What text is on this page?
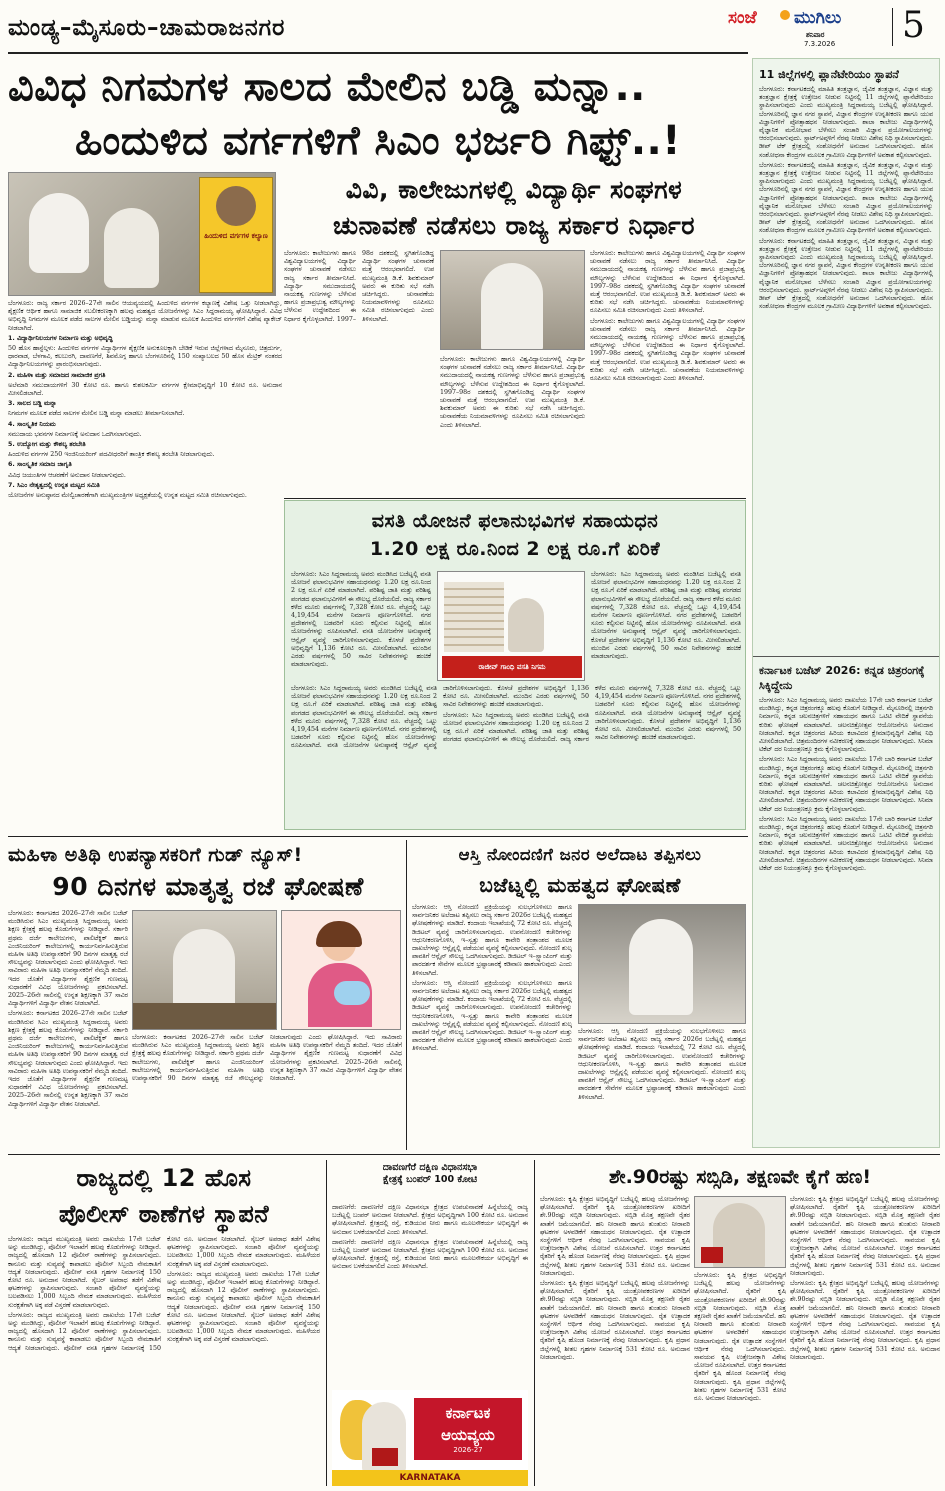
ಮಂಡ್ಯ–ಮೈಸೂರು–ಚಾಮರಾಜನಗರ	ಸಂಜೆ ಮುಗಿಲು
ಶನಿವಾರ
7.3.2026 5
ವಿವಿಧ ನಿಗಮಗಳ ಸಾಲದ ಮೇಲಿನ ಬಡ್ಡಿ ಮನ್ನಾ..
ಹಿಂದುಳಿದ ವರ್ಗಗಳಿಗೆ ಸಿಎಂ ಭರ್ಜರಿ ಗಿಫ್ಟ್..!
ಹಿಂದುಳಿದ ವರ್ಗಗಳ ಕಲ್ಯಾಣ

ಬೆಂಗಳೂರು: ರಾಜ್ಯ ಸರ್ಕಾರ 2026–27ನೇ ಸಾಲಿನ ಆಯವ್ಯಯದಲ್ಲಿ ಹಿಂದುಳಿದ ವರ್ಗಗಳ ಕಲ್ಯಾಣಕ್ಕೆ ವಿಶೇಷ ಒತ್ತು ನೀಡಲಾಗಿದ್ದು, ಶೈಕ್ಷಣಿಕ ಆರ್ಥಿಕ ಹಾಗೂ ಸಾಮಾಜಿಕ ಸಬಲೀಕರಣಕ್ಕಾಗಿ ಹಲವು ಮಹತ್ವದ ಯೋಜನೆಗಳನ್ನು ಸಿಎಂ ಸಿದ್ದರಾಮಯ್ಯ ಘೋಷಿಸಿದ್ದಾರೆ. ವಿವಿಧ ಅಭಿವೃದ್ಧಿ ನಿಗಮಗಳ ಮೂಲಕ ಪಡೆದ ಸಾಲಗಳ ಮೇಲಿನ ಬಡ್ಡಿಯನ್ನು ಮನ್ನಾ ಮಾಡುವ ಮೂಲಕ ಹಿಂದುಳಿದ ವರ್ಗಗಳಿಗೆ ವಿಶೇಷ ಪ್ಯಾಕೇಜ್ ನೀಡಲಾಗಿದೆ.

1. ವಿದ್ಯಾರ್ಥಿನಿಲಯಗಳ ನಿರ್ಮಾಣ ಮತ್ತು ಅಭಿವೃದ್ಧಿ

50 ಹೊಸ ಹಾಸ್ಟೆಲ್ಗಳು: ಹಿಂದುಳಿದ ವರ್ಗಗಳ ವಿದ್ಯಾರ್ಥಿಗಳ ಶೈಕ್ಷಣಿಕ ಅನುಕೂಲಕ್ಕಾಗಿ ಬೇಡಿಕೆ ಇರುವ ಜಿಲ್ಲೆಗಳಾದ ಮೈಸೂರು, ಚಿತ್ರದುರ್ಗ, ಧಾರವಾಡ, ಬೆಳಗಾವಿ, ಕಲಬುರಗಿ, ದಾವಣಗೆರೆ, ಶಿವಮೊಗ್ಗ ಹಾಗೂ ಬೆಂಗಳೂರಿನಲ್ಲಿ 150 ಸಂಖ್ಯಾಬಲದ 50 ಹೊಸ ಮೆಟ್ರಿಕ್ ನಂತರದ ವಿದ್ಯಾರ್ಥಿನಿಲಯಗಳನ್ನು ಪ್ರಾರಂಭಿಸಲಾಗುವುದು.

2. ಮಹಿಳಾ ಮತ್ತು ಸಮಾಜದ ಸಾಮಾಜಿಕ ಪ್ರಗತಿ

ಅಲೆಮಾರಿ ಸಮುದಾಯಗಳಿಗೆ 30 ಕೋಟಿ ರೂ. ಹಾಗೂ ಕುಶಲಕರ್ಮಿ ವರ್ಗಗಳ ಕ್ಷೇಮಾಭಿವೃದ್ಧಿಗೆ 10 ಕೋಟಿ ರೂ. ಅನುದಾನ ಮೀಸಲಿಡಲಾಗಿದೆ.

3. ಸಾಲದ ಬಡ್ಡಿ ಮನ್ನಾ

ನಿಗಮಗಳ ಮೂಲಕ ಪಡೆದ ಸಾಲಗಳ ಮೇಲಿನ ಬಡ್ಡಿ ಮನ್ನಾ ಮಾಡಲು ತೀರ್ಮಾನಿಸಲಾಗಿದೆ.

4. ಸಾಂಸ್ಕೃತಿಕ ನಿಯಮ

ಸಮುದಾಯ ಭವನಗಳ ನಿರ್ಮಾಣಕ್ಕೆ ಅನುದಾನ ಒದಗಿಸಲಾಗುವುದು.

5. ಉದ್ಯೋಗ ಮತ್ತು ಕೌಶಲ್ಯ ತರಬೇತಿ

ಹಿಂದುಳಿದ ವರ್ಗಗಳ 250 ಇಂಜಿನಿಯರಿಂಗ್ ಪದವೀಧರರಿಗೆ ತಾಂತ್ರಿಕ ಕೌಶಲ್ಯ ತರಬೇತಿ ನೀಡಲಾಗುವುದು.

6. ಸಾಂಸ್ಕೃತಿಕ ಸಮಾಜ ಜಾಗೃತಿ

ವಿವಿಧ ಜಯಂತಿಗಳ ಆಚರಣೆಗೆ ಅನುದಾನ ನೀಡಲಾಗುವುದು.

7. ಸಿಎಂ ನೇತೃತ್ವದಲ್ಲಿ ಉನ್ನತ ಮಟ್ಟದ ಸಮಿತಿ

ಯೋಜನೆಗಳ ಅನುಷ್ಠಾನದ ಮೇಲ್ವಿಚಾರಣೆಗಾಗಿ ಮುಖ್ಯಮಂತ್ರಿಗಳ ಅಧ್ಯಕ್ಷತೆಯಲ್ಲಿ ಉನ್ನತ ಮಟ್ಟದ ಸಮಿತಿ ರಚಿಸಲಾಗುವುದು.

ವಿವಿ, ಕಾಲೇಜುಗಳಲ್ಲಿ ವಿದ್ಯಾರ್ಥಿ ಸಂಘಗಳ
ಚುನಾವಣೆ ನಡೆಸಲು ರಾಜ್ಯ ಸರ್ಕಾರ ನಿರ್ಧಾರ

ಬೆಂಗಳೂರು: ಕಾಲೇಜುಗಳು ಹಾಗೂ ವಿಶ್ವವಿದ್ಯಾಲಯಗಳಲ್ಲಿ ವಿದ್ಯಾರ್ಥಿ ಸಂಘಗಳ ಚುನಾವಣೆ ನಡೆಸಲು ರಾಜ್ಯ ಸರ್ಕಾರ ತೀರ್ಮಾನಿಸಿದೆ. ವಿದ್ಯಾರ್ಥಿ ಸಮುದಾಯದಲ್ಲಿ ನಾಯಕತ್ವ ಗುಣಗಳನ್ನು ಬೆಳೆಸುವ ಹಾಗೂ ಪ್ರಜಾಪ್ರಭುತ್ವ ಮೌಲ್ಯಗಳನ್ನು ಬೆಳೆಸುವ ಉದ್ದೇಶದಿಂದ ಈ ನಿರ್ಧಾರ ಕೈಗೊಳ್ಳಲಾಗಿದೆ. 1997–98ರ ದಶಕದಲ್ಲಿ ಸ್ಥಗಿತಗೊಂಡಿದ್ದ ವಿದ್ಯಾರ್ಥಿ ಸಂಘಗಳ ಚುನಾವಣೆ ಮತ್ತೆ ಆರಂಭವಾಗಲಿದೆ. ಉಪ ಮುಖ್ಯಮಂತ್ರಿ ಡಿ.ಕೆ. ಶಿವಕುಮಾರ್ ಅವರು ಈ ಕುರಿತು ಸಭೆ ನಡೆಸಿ ಚರ್ಚಿಸಿದ್ದರು. ಚುನಾವಣೆಯ ನಿಯಮಾವಳಿಗಳನ್ನು ರೂಪಿಸಲು ಸಮಿತಿ ರಚಿಸಲಾಗುವುದು ಎಂದು ತಿಳಿಸಲಾಗಿದೆ.

ಬೆಂಗಳೂರು: ಕಾಲೇಜುಗಳು ಹಾಗೂ ವಿಶ್ವವಿದ್ಯಾಲಯಗಳಲ್ಲಿ ವಿದ್ಯಾರ್ಥಿ ಸಂಘಗಳ ಚುನಾವಣೆ ನಡೆಸಲು ರಾಜ್ಯ ಸರ್ಕಾರ ತೀರ್ಮಾನಿಸಿದೆ. ವಿದ್ಯಾರ್ಥಿ ಸಮುದಾಯದಲ್ಲಿ ನಾಯಕತ್ವ ಗುಣಗಳನ್ನು ಬೆಳೆಸುವ ಹಾಗೂ ಪ್ರಜಾಪ್ರಭುತ್ವ ಮೌಲ್ಯಗಳನ್ನು ಬೆಳೆಸುವ ಉದ್ದೇಶದಿಂದ ಈ ನಿರ್ಧಾರ ಕೈಗೊಳ್ಳಲಾಗಿದೆ. 1997–98ರ ದಶಕದಲ್ಲಿ ಸ್ಥಗಿತಗೊಂಡಿದ್ದ ವಿದ್ಯಾರ್ಥಿ ಸಂಘಗಳ ಚುನಾವಣೆ ಮತ್ತೆ ಆರಂಭವಾಗಲಿದೆ. ಉಪ ಮುಖ್ಯಮಂತ್ರಿ ಡಿ.ಕೆ. ಶಿವಕುಮಾರ್ ಅವರು ಈ ಕುರಿತು ಸಭೆ ನಡೆಸಿ ಚರ್ಚಿಸಿದ್ದರು. ಚುನಾವಣೆಯ ನಿಯಮಾವಳಿಗಳನ್ನು ರೂಪಿಸಲು ಸಮಿತಿ ರಚಿಸಲಾಗುವುದು ಎಂದು ತಿಳಿಸಲಾಗಿದೆ.

ಬೆಂಗಳೂರು: ಕಾಲೇಜುಗಳು ಹಾಗೂ ವಿಶ್ವವಿದ್ಯಾಲಯಗಳಲ್ಲಿ ವಿದ್ಯಾರ್ಥಿ ಸಂಘಗಳ ಚುನಾವಣೆ ನಡೆಸಲು ರಾಜ್ಯ ಸರ್ಕಾರ ತೀರ್ಮಾನಿಸಿದೆ. ವಿದ್ಯಾರ್ಥಿ ಸಮುದಾಯದಲ್ಲಿ ನಾಯಕತ್ವ ಗುಣಗಳನ್ನು ಬೆಳೆಸುವ ಹಾಗೂ ಪ್ರಜಾಪ್ರಭುತ್ವ ಮೌಲ್ಯಗಳನ್ನು ಬೆಳೆಸುವ ಉದ್ದೇಶದಿಂದ ಈ ನಿರ್ಧಾರ ಕೈಗೊಳ್ಳಲಾಗಿದೆ. 1997–98ರ ದಶಕದಲ್ಲಿ ಸ್ಥಗಿತಗೊಂಡಿದ್ದ ವಿದ್ಯಾರ್ಥಿ ಸಂಘಗಳ ಚುನಾವಣೆ ಮತ್ತೆ ಆರಂಭವಾಗಲಿದೆ. ಉಪ ಮುಖ್ಯಮಂತ್ರಿ ಡಿ.ಕೆ. ಶಿವಕುಮಾರ್ ಅವರು ಈ ಕುರಿತು ಸಭೆ ನಡೆಸಿ ಚರ್ಚಿಸಿದ್ದರು. ಚುನಾವಣೆಯ ನಿಯಮಾವಳಿಗಳನ್ನು ರೂಪಿಸಲು ಸಮಿತಿ ರಚಿಸಲಾಗುವುದು ಎಂದು ತಿಳಿಸಲಾಗಿದೆ.

ಬೆಂಗಳೂರು: ಕಾಲೇಜುಗಳು ಹಾಗೂ ವಿಶ್ವವಿದ್ಯಾಲಯಗಳಲ್ಲಿ ವಿದ್ಯಾರ್ಥಿ ಸಂಘಗಳ ಚುನಾವಣೆ ನಡೆಸಲು ರಾಜ್ಯ ಸರ್ಕಾರ ತೀರ್ಮಾನಿಸಿದೆ. ವಿದ್ಯಾರ್ಥಿ ಸಮುದಾಯದಲ್ಲಿ ನಾಯಕತ್ವ ಗುಣಗಳನ್ನು ಬೆಳೆಸುವ ಹಾಗೂ ಪ್ರಜಾಪ್ರಭುತ್ವ ಮೌಲ್ಯಗಳನ್ನು ಬೆಳೆಸುವ ಉದ್ದೇಶದಿಂದ ಈ ನಿರ್ಧಾರ ಕೈಗೊಳ್ಳಲಾಗಿದೆ. 1997–98ರ ದಶಕದಲ್ಲಿ ಸ್ಥಗಿತಗೊಂಡಿದ್ದ ವಿದ್ಯಾರ್ಥಿ ಸಂಘಗಳ ಚುನಾವಣೆ ಮತ್ತೆ ಆರಂಭವಾಗಲಿದೆ. ಉಪ ಮುಖ್ಯಮಂತ್ರಿ ಡಿ.ಕೆ. ಶಿವಕುಮಾರ್ ಅವರು ಈ ಕುರಿತು ಸಭೆ ನಡೆಸಿ ಚರ್ಚಿಸಿದ್ದರು. ಚುನಾವಣೆಯ ನಿಯಮಾವಳಿಗಳನ್ನು ರೂಪಿಸಲು ಸಮಿತಿ ರಚಿಸಲಾಗುವುದು ಎಂದು ತಿಳಿಸಲಾಗಿದೆ.

ವಸತಿ ಯೋಜನೆ ಫಲಾನುಭವಿಗಳ ಸಹಾಯಧನ
1.20 ಲಕ್ಷ ರೂ.ನಿಂದ 2 ಲಕ್ಷ ರೂ.ಗೆ ಏರಿಕೆ

ಬೆಂಗಳೂರು: ಸಿಎಂ ಸಿದ್ದರಾಮಯ್ಯ ಅವರು ಮಂಡಿಸಿದ ಬಜೆಟ್ನಲ್ಲಿ ವಸತಿ ಯೋಜನೆ ಫಲಾನುಭವಿಗಳ ಸಹಾಯಧನವನ್ನು 1.20 ಲಕ್ಷ ರೂ.ನಿಂದ 2 ಲಕ್ಷ ರೂ.ಗೆ ಏರಿಕೆ ಮಾಡಲಾಗಿದೆ. ಪರಿಶಿಷ್ಟ ಜಾತಿ ಮತ್ತು ಪರಿಶಿಷ್ಟ ಪಂಗಡದ ಫಲಾನುಭವಿಗಳಿಗೆ ಈ ಸೌಲಭ್ಯ ದೊರೆಯಲಿದೆ. ರಾಜ್ಯ ಸರ್ಕಾರ ಕಳೆದ ಮೂರು ವರ್ಷಗಳಲ್ಲಿ 7,328 ಕೋಟಿ ರೂ. ವೆಚ್ಚದಲ್ಲಿ ಒಟ್ಟು 4,19,454 ಮನೆಗಳ ನಿರ್ಮಾಣ ಪೂರ್ಣಗೊಳಿಸಿದೆ. ನಗರ ಪ್ರದೇಶಗಳಲ್ಲಿ ಬಡವರಿಗೆ ಸೂರು ಕಲ್ಪಿಸುವ ನಿಟ್ಟಿನಲ್ಲಿ ಹೊಸ ಯೋಜನೆಗಳನ್ನು ರೂಪಿಸಲಾಗಿದೆ. ವಸತಿ ಯೋಜನೆಗಳ ಅನುಷ್ಠಾನಕ್ಕೆ ಆನ್ಲೈನ್ ವ್ಯವಸ್ಥೆ ಜಾರಿಗೊಳಿಸಲಾಗುವುದು. ಕೊಳಚೆ ಪ್ರದೇಶಗಳ ಅಭಿವೃದ್ಧಿಗೆ 1,136 ಕೋಟಿ ರೂ. ಮೀಸಲಿಡಲಾಗಿದೆ. ಮುಂದಿನ ಎರಡು ವರ್ಷಗಳಲ್ಲಿ 50 ಸಾವಿರ ನಿವೇಶನಗಳನ್ನು ಹಂಚಿಕೆ ಮಾಡಲಾಗುವುದು.	ರಾಜೀವ್ ಗಾಂಧಿ ವಸತಿ ನಿಗಮ

ಬೆಂಗಳೂರು: ಸಿಎಂ ಸಿದ್ದರಾಮಯ್ಯ ಅವರು ಮಂಡಿಸಿದ ಬಜೆಟ್ನಲ್ಲಿ ವಸತಿ ಯೋಜನೆ ಫಲಾನುಭವಿಗಳ ಸಹಾಯಧನವನ್ನು 1.20 ಲಕ್ಷ ರೂ.ನಿಂದ 2 ಲಕ್ಷ ರೂ.ಗೆ ಏರಿಕೆ ಮಾಡಲಾಗಿದೆ. ಪರಿಶಿಷ್ಟ ಜಾತಿ ಮತ್ತು ಪರಿಶಿಷ್ಟ ಪಂಗಡದ ಫಲಾನುಭವಿಗಳಿಗೆ ಈ ಸೌಲಭ್ಯ ದೊರೆಯಲಿದೆ. ರಾಜ್ಯ ಸರ್ಕಾರ ಕಳೆದ ಮೂರು ವರ್ಷಗಳಲ್ಲಿ 7,328 ಕೋಟಿ ರೂ. ವೆಚ್ಚದಲ್ಲಿ ಒಟ್ಟು 4,19,454 ಮನೆಗಳ ನಿರ್ಮಾಣ ಪೂರ್ಣಗೊಳಿಸಿದೆ. ನಗರ ಪ್ರದೇಶಗಳಲ್ಲಿ ಬಡವರಿಗೆ ಸೂರು ಕಲ್ಪಿಸುವ ನಿಟ್ಟಿನಲ್ಲಿ ಹೊಸ ಯೋಜನೆಗಳನ್ನು ರೂಪಿಸಲಾಗಿದೆ. ವಸತಿ ಯೋಜನೆಗಳ ಅನುಷ್ಠಾನಕ್ಕೆ ಆನ್ಲೈನ್ ವ್ಯವಸ್ಥೆ ಜಾರಿಗೊಳಿಸಲಾಗುವುದು. ಕೊಳಚೆ ಪ್ರದೇಶಗಳ ಅಭಿವೃದ್ಧಿಗೆ 1,136 ಕೋಟಿ ರೂ. ಮೀಸಲಿಡಲಾಗಿದೆ. ಮುಂದಿನ ಎರಡು ವರ್ಷಗಳಲ್ಲಿ 50 ಸಾವಿರ ನಿವೇಶನಗಳನ್ನು ಹಂಚಿಕೆ ಮಾಡಲಾಗುವುದು.

ಬೆಂಗಳೂರು: ಸಿಎಂ ಸಿದ್ದರಾಮಯ್ಯ ಅವರು ಮಂಡಿಸಿದ ಬಜೆಟ್ನಲ್ಲಿ ವಸತಿ ಯೋಜನೆ ಫಲಾನುಭವಿಗಳ ಸಹಾಯಧನವನ್ನು 1.20 ಲಕ್ಷ ರೂ.ನಿಂದ 2 ಲಕ್ಷ ರೂ.ಗೆ ಏರಿಕೆ ಮಾಡಲಾಗಿದೆ. ಪರಿಶಿಷ್ಟ ಜಾತಿ ಮತ್ತು ಪರಿಶಿಷ್ಟ ಪಂಗಡದ ಫಲಾನುಭವಿಗಳಿಗೆ ಈ ಸೌಲಭ್ಯ ದೊರೆಯಲಿದೆ. ರಾಜ್ಯ ಸರ್ಕಾರ ಕಳೆದ ಮೂರು ವರ್ಷಗಳಲ್ಲಿ 7,328 ಕೋಟಿ ರೂ. ವೆಚ್ಚದಲ್ಲಿ ಒಟ್ಟು 4,19,454 ಮನೆಗಳ ನಿರ್ಮಾಣ ಪೂರ್ಣಗೊಳಿಸಿದೆ. ನಗರ ಪ್ರದೇಶಗಳಲ್ಲಿ ಬಡವರಿಗೆ ಸೂರು ಕಲ್ಪಿಸುವ ನಿಟ್ಟಿನಲ್ಲಿ ಹೊಸ ಯೋಜನೆಗಳನ್ನು ರೂಪಿಸಲಾಗಿದೆ. ವಸತಿ ಯೋಜನೆಗಳ ಅನುಷ್ಠಾನಕ್ಕೆ ಆನ್ಲೈನ್ ವ್ಯವಸ್ಥೆ ಜಾರಿಗೊಳಿಸಲಾಗುವುದು. ಕೊಳಚೆ ಪ್ರದೇಶಗಳ ಅಭಿವೃದ್ಧಿಗೆ 1,136 ಕೋಟಿ ರೂ. ಮೀಸಲಿಡಲಾಗಿದೆ. ಮುಂದಿನ ಎರಡು ವರ್ಷಗಳಲ್ಲಿ 50 ಸಾವಿರ ನಿವೇಶನಗಳನ್ನು ಹಂಚಿಕೆ ಮಾಡಲಾಗುವುದು.

ಬೆಂಗಳೂರು: ಸಿಎಂ ಸಿದ್ದರಾಮಯ್ಯ ಅವರು ಮಂಡಿಸಿದ ಬಜೆಟ್ನಲ್ಲಿ ವಸತಿ ಯೋಜನೆ ಫಲಾನುಭವಿಗಳ ಸಹಾಯಧನವನ್ನು 1.20 ಲಕ್ಷ ರೂ.ನಿಂದ 2 ಲಕ್ಷ ರೂ.ಗೆ ಏರಿಕೆ ಮಾಡಲಾಗಿದೆ. ಪರಿಶಿಷ್ಟ ಜಾತಿ ಮತ್ತು ಪರಿಶಿಷ್ಟ ಪಂಗಡದ ಫಲಾನುಭವಿಗಳಿಗೆ ಈ ಸೌಲಭ್ಯ ದೊರೆಯಲಿದೆ. ರಾಜ್ಯ ಸರ್ಕಾರ ಕಳೆದ ಮೂರು ವರ್ಷಗಳಲ್ಲಿ 7,328 ಕೋಟಿ ರೂ. ವೆಚ್ಚದಲ್ಲಿ ಒಟ್ಟು 4,19,454 ಮನೆಗಳ ನಿರ್ಮಾಣ ಪೂರ್ಣಗೊಳಿಸಿದೆ. ನಗರ ಪ್ರದೇಶಗಳಲ್ಲಿ ಬಡವರಿಗೆ ಸೂರು ಕಲ್ಪಿಸುವ ನಿಟ್ಟಿನಲ್ಲಿ ಹೊಸ ಯೋಜನೆಗಳನ್ನು ರೂಪಿಸಲಾಗಿದೆ. ವಸತಿ ಯೋಜನೆಗಳ ಅನುಷ್ಠಾನಕ್ಕೆ ಆನ್ಲೈನ್ ವ್ಯವಸ್ಥೆ ಜಾರಿಗೊಳಿಸಲಾಗುವುದು. ಕೊಳಚೆ ಪ್ರದೇಶಗಳ ಅಭಿವೃದ್ಧಿಗೆ 1,136 ಕೋಟಿ ರೂ. ಮೀಸಲಿಡಲಾಗಿದೆ. ಮುಂದಿನ ಎರಡು ವರ್ಷಗಳಲ್ಲಿ 50 ಸಾವಿರ ನಿವೇಶನಗಳನ್ನು ಹಂಚಿಕೆ ಮಾಡಲಾಗುವುದು.

11 ಜಿಲ್ಲೆಗಳಲ್ಲಿ ಪ್ಲಾನೆಟೇರಿಯಂ ಸ್ಥಾಪನೆ

ಬೆಂಗಳೂರು: ಕರ್ನಾಟಕದಲ್ಲಿ ಮಾಹಿತಿ ತಂತ್ರಜ್ಞಾನ, ಜೈವಿಕ ತಂತ್ರಜ್ಞಾನ, ವಿಜ್ಞಾನ ಮತ್ತು ತಂತ್ರಜ್ಞಾನ ಕ್ಷೇತ್ರಕ್ಕೆ ಉತ್ತೇಜನ ನೀಡುವ ನಿಟ್ಟಿನಲ್ಲಿ 11 ಜಿಲ್ಲೆಗಳಲ್ಲಿ ಪ್ಲಾನೆಟೇರಿಯಂ ಸ್ಥಾಪಿಸಲಾಗುವುದು ಎಂದು ಮುಖ್ಯಮಂತ್ರಿ ಸಿದ್ದರಾಮಯ್ಯ ಬಜೆಟ್ನಲ್ಲಿ ಘೋಷಿಸಿದ್ದಾರೆ. ಬೆಂಗಳೂರಿನಲ್ಲಿ ಜ್ಞಾನ ನಗರ ಸ್ಥಾಪನೆ, ವಿಜ್ಞಾನ ಕೇಂದ್ರಗಳ ಉನ್ನತೀಕರಣ ಹಾಗೂ ಯುವ ವಿಜ್ಞಾನಿಗಳಿಗೆ ಪ್ರೋತ್ಸಾಹಧನ ನೀಡಲಾಗುವುದು. ಶಾಲಾ ಕಾಲೇಜು ವಿದ್ಯಾರ್ಥಿಗಳಲ್ಲಿ ವೈಜ್ಞಾನಿಕ ಮನೋಭಾವ ಬೆಳೆಸಲು ಸಂಚಾರಿ ವಿಜ್ಞಾನ ಪ್ರಯೋಗಾಲಯಗಳನ್ನು ಆರಂಭಿಸಲಾಗುವುದು. ಸ್ಟಾರ್ಟ್ಅಪ್ಗಳಿಗೆ ನೆರವು ನೀಡಲು ವಿಶೇಷ ನಿಧಿ ಸ್ಥಾಪಿಸಲಾಗುವುದು. ಡೀಪ್ ಟೆಕ್ ಕ್ಷೇತ್ರದಲ್ಲಿ ಸಂಶೋಧನೆಗೆ ಅನುದಾನ ಒದಗಿಸಲಾಗುವುದು. ಹೊಸ ಸಂಶೋಧನಾ ಕೇಂದ್ರಗಳ ಮೂಲಕ ಗ್ರಾಮೀಣ ವಿದ್ಯಾರ್ಥಿಗಳಿಗೆ ಅವಕಾಶ ಕಲ್ಪಿಸಲಾಗುವುದು.

ಬೆಂಗಳೂರು: ಕರ್ನಾಟಕದಲ್ಲಿ ಮಾಹಿತಿ ತಂತ್ರಜ್ಞಾನ, ಜೈವಿಕ ತಂತ್ರಜ್ಞಾನ, ವಿಜ್ಞಾನ ಮತ್ತು ತಂತ್ರಜ್ಞಾನ ಕ್ಷೇತ್ರಕ್ಕೆ ಉತ್ತೇಜನ ನೀಡುವ ನಿಟ್ಟಿನಲ್ಲಿ 11 ಜಿಲ್ಲೆಗಳಲ್ಲಿ ಪ್ಲಾನೆಟೇರಿಯಂ ಸ್ಥಾಪಿಸಲಾಗುವುದು ಎಂದು ಮುಖ್ಯಮಂತ್ರಿ ಸಿದ್ದರಾಮಯ್ಯ ಬಜೆಟ್ನಲ್ಲಿ ಘೋಷಿಸಿದ್ದಾರೆ. ಬೆಂಗಳೂರಿನಲ್ಲಿ ಜ್ಞಾನ ನಗರ ಸ್ಥಾಪನೆ, ವಿಜ್ಞಾನ ಕೇಂದ್ರಗಳ ಉನ್ನತೀಕರಣ ಹಾಗೂ ಯುವ ವಿಜ್ಞಾನಿಗಳಿಗೆ ಪ್ರೋತ್ಸಾಹಧನ ನೀಡಲಾಗುವುದು. ಶಾಲಾ ಕಾಲೇಜು ವಿದ್ಯಾರ್ಥಿಗಳಲ್ಲಿ ವೈಜ್ಞಾನಿಕ ಮನೋಭಾವ ಬೆಳೆಸಲು ಸಂಚಾರಿ ವಿಜ್ಞಾನ ಪ್ರಯೋಗಾಲಯಗಳನ್ನು ಆರಂಭಿಸಲಾಗುವುದು. ಸ್ಟಾರ್ಟ್ಅಪ್ಗಳಿಗೆ ನೆರವು ನೀಡಲು ವಿಶೇಷ ನಿಧಿ ಸ್ಥಾಪಿಸಲಾಗುವುದು. ಡೀಪ್ ಟೆಕ್ ಕ್ಷೇತ್ರದಲ್ಲಿ ಸಂಶೋಧನೆಗೆ ಅನುದಾನ ಒದಗಿಸಲಾಗುವುದು. ಹೊಸ ಸಂಶೋಧನಾ ಕೇಂದ್ರಗಳ ಮೂಲಕ ಗ್ರಾಮೀಣ ವಿದ್ಯಾರ್ಥಿಗಳಿಗೆ ಅವಕಾಶ ಕಲ್ಪಿಸಲಾಗುವುದು.

ಬೆಂಗಳೂರು: ಕರ್ನಾಟಕದಲ್ಲಿ ಮಾಹಿತಿ ತಂತ್ರಜ್ಞಾನ, ಜೈವಿಕ ತಂತ್ರಜ್ಞಾನ, ವಿಜ್ಞಾನ ಮತ್ತು ತಂತ್ರಜ್ಞಾನ ಕ್ಷೇತ್ರಕ್ಕೆ ಉತ್ತೇಜನ ನೀಡುವ ನಿಟ್ಟಿನಲ್ಲಿ 11 ಜಿಲ್ಲೆಗಳಲ್ಲಿ ಪ್ಲಾನೆಟೇರಿಯಂ ಸ್ಥಾಪಿಸಲಾಗುವುದು ಎಂದು ಮುಖ್ಯಮಂತ್ರಿ ಸಿದ್ದರಾಮಯ್ಯ ಬಜೆಟ್ನಲ್ಲಿ ಘೋಷಿಸಿದ್ದಾರೆ. ಬೆಂಗಳೂರಿನಲ್ಲಿ ಜ್ಞಾನ ನಗರ ಸ್ಥಾಪನೆ, ವಿಜ್ಞಾನ ಕೇಂದ್ರಗಳ ಉನ್ನತೀಕರಣ ಹಾಗೂ ಯುವ ವಿಜ್ಞಾನಿಗಳಿಗೆ ಪ್ರೋತ್ಸಾಹಧನ ನೀಡಲಾಗುವುದು. ಶಾಲಾ ಕಾಲೇಜು ವಿದ್ಯಾರ್ಥಿಗಳಲ್ಲಿ ವೈಜ್ಞಾನಿಕ ಮನೋಭಾವ ಬೆಳೆಸಲು ಸಂಚಾರಿ ವಿಜ್ಞಾನ ಪ್ರಯೋಗಾಲಯಗಳನ್ನು ಆರಂಭಿಸಲಾಗುವುದು. ಸ್ಟಾರ್ಟ್ಅಪ್ಗಳಿಗೆ ನೆರವು ನೀಡಲು ವಿಶೇಷ ನಿಧಿ ಸ್ಥಾಪಿಸಲಾಗುವುದು. ಡೀಪ್ ಟೆಕ್ ಕ್ಷೇತ್ರದಲ್ಲಿ ಸಂಶೋಧನೆಗೆ ಅನುದಾನ ಒದಗಿಸಲಾಗುವುದು. ಹೊಸ ಸಂಶೋಧನಾ ಕೇಂದ್ರಗಳ ಮೂಲಕ ಗ್ರಾಮೀಣ ವಿದ್ಯಾರ್ಥಿಗಳಿಗೆ ಅವಕಾಶ ಕಲ್ಪಿಸಲಾಗುವುದು.

ಕರ್ನಾಟಕ ಬಜೆಟ್ 2026: ಕನ್ನಡ ಚಿತ್ರರಂಗಕ್ಕೆ ಸಿಕ್ಕಿದ್ದೇನು

ಬೆಂಗಳೂರು: ಸಿಎಂ ಸಿದ್ದರಾಮಯ್ಯ ಅವರು ದಾಖಲೆಯ 17ನೇ ಬಾರಿ ಕರ್ನಾಟಕ ಬಜೆಟ್ ಮಂಡಿಸಿದ್ದು, ಕನ್ನಡ ಚಿತ್ರರಂಗಕ್ಕೂ ಹಲವು ಕೊಡುಗೆ ನೀಡಿದ್ದಾರೆ. ಮೈಸೂರಿನಲ್ಲಿ ಚಿತ್ರನಗರಿ ನಿರ್ಮಾಣ, ಕನ್ನಡ ಚಲನಚಿತ್ರಗಳಿಗೆ ಸಹಾಯಧನ ಹಾಗೂ ಒಟಿಟಿ ವೇದಿಕೆ ಸ್ಥಾಪನೆಯ ಕುರಿತು ಘೋಷಣೆ ಮಾಡಲಾಗಿದೆ. ಚಲನಚಿತ್ರೋತ್ಸವ ಆಯೋಜನೆಗೂ ಅನುದಾನ ನೀಡಲಾಗಿದೆ. ಕನ್ನಡ ಚಿತ್ರರಂಗದ ಹಿರಿಯ ಕಲಾವಿದರ ಕ್ಷೇಮಾಭಿವೃದ್ಧಿಗೆ ವಿಶೇಷ ನಿಧಿ ಮೀಸಲಿಡಲಾಗಿದೆ. ಚಿತ್ರಮಂದಿರಗಳ ನವೀಕರಣಕ್ಕೆ ಸಹಾಯಧನ ನೀಡಲಾಗುವುದು. ಸಿನಿಮಾ ಟಿಕೆಟ್ ದರ ನಿಯಂತ್ರಣಕ್ಕೂ ಕ್ರಮ ಕೈಗೊಳ್ಳಲಾಗುವುದು.

ಬೆಂಗಳೂರು: ಸಿಎಂ ಸಿದ್ದರಾಮಯ್ಯ ಅವರು ದಾಖಲೆಯ 17ನೇ ಬಾರಿ ಕರ್ನಾಟಕ ಬಜೆಟ್ ಮಂಡಿಸಿದ್ದು, ಕನ್ನಡ ಚಿತ್ರರಂಗಕ್ಕೂ ಹಲವು ಕೊಡುಗೆ ನೀಡಿದ್ದಾರೆ. ಮೈಸೂರಿನಲ್ಲಿ ಚಿತ್ರನಗರಿ ನಿರ್ಮಾಣ, ಕನ್ನಡ ಚಲನಚಿತ್ರಗಳಿಗೆ ಸಹಾಯಧನ ಹಾಗೂ ಒಟಿಟಿ ವೇದಿಕೆ ಸ್ಥಾಪನೆಯ ಕುರಿತು ಘೋಷಣೆ ಮಾಡಲಾಗಿದೆ. ಚಲನಚಿತ್ರೋತ್ಸವ ಆಯೋಜನೆಗೂ ಅನುದಾನ ನೀಡಲಾಗಿದೆ. ಕನ್ನಡ ಚಿತ್ರರಂಗದ ಹಿರಿಯ ಕಲಾವಿದರ ಕ್ಷೇಮಾಭಿವೃದ್ಧಿಗೆ ವಿಶೇಷ ನಿಧಿ ಮೀಸಲಿಡಲಾಗಿದೆ. ಚಿತ್ರಮಂದಿರಗಳ ನವೀಕರಣಕ್ಕೆ ಸಹಾಯಧನ ನೀಡಲಾಗುವುದು. ಸಿನಿಮಾ ಟಿಕೆಟ್ ದರ ನಿಯಂತ್ರಣಕ್ಕೂ ಕ್ರಮ ಕೈಗೊಳ್ಳಲಾಗುವುದು.

ಬೆಂಗಳೂರು: ಸಿಎಂ ಸಿದ್ದರಾಮಯ್ಯ ಅವರು ದಾಖಲೆಯ 17ನೇ ಬಾರಿ ಕರ್ನಾಟಕ ಬಜೆಟ್ ಮಂಡಿಸಿದ್ದು, ಕನ್ನಡ ಚಿತ್ರರಂಗಕ್ಕೂ ಹಲವು ಕೊಡುಗೆ ನೀಡಿದ್ದಾರೆ. ಮೈಸೂರಿನಲ್ಲಿ ಚಿತ್ರನಗರಿ ನಿರ್ಮಾಣ, ಕನ್ನಡ ಚಲನಚಿತ್ರಗಳಿಗೆ ಸಹಾಯಧನ ಹಾಗೂ ಒಟಿಟಿ ವೇದಿಕೆ ಸ್ಥಾಪನೆಯ ಕುರಿತು ಘೋಷಣೆ ಮಾಡಲಾಗಿದೆ. ಚಲನಚಿತ್ರೋತ್ಸವ ಆಯೋಜನೆಗೂ ಅನುದಾನ ನೀಡಲಾಗಿದೆ. ಕನ್ನಡ ಚಿತ್ರರಂಗದ ಹಿರಿಯ ಕಲಾವಿದರ ಕ್ಷೇಮಾಭಿವೃದ್ಧಿಗೆ ವಿಶೇಷ ನಿಧಿ ಮೀಸಲಿಡಲಾಗಿದೆ. ಚಿತ್ರಮಂದಿರಗಳ ನವೀಕರಣಕ್ಕೆ ಸಹಾಯಧನ ನೀಡಲಾಗುವುದು. ಸಿನಿಮಾ ಟಿಕೆಟ್ ದರ ನಿಯಂತ್ರಣಕ್ಕೂ ಕ್ರಮ ಕೈಗೊಳ್ಳಲಾಗುವುದು.

ಮಹಿಳಾ ಅತಿಥಿ ಉಪನ್ಯಾಸಕರಿಗೆ ಗುಡ್ ನ್ಯೂಸ್!
90 ದಿನಗಳ ಮಾತೃತ್ವ ರಜೆ ಘೋಷಣೆ

ಬೆಂಗಳೂರು: ಕರ್ನಾಟಕದ 2026–27ನೇ ಸಾಲಿನ ಬಜೆಟ್ ಮಂಡಿಸಿರುವ ಸಿಎಂ ಮುಖ್ಯಮಂತ್ರಿ ಸಿದ್ದರಾಮಯ್ಯ ಅವರು ಶಿಕ್ಷಣ ಕ್ಷೇತ್ರಕ್ಕೆ ಹಲವು ಕೊಡುಗೆಗಳನ್ನು ನೀಡಿದ್ದಾರೆ. ಸರ್ಕಾರಿ ಪ್ರಥಮ ದರ್ಜೆ ಕಾಲೇಜುಗಳು, ಪಾಲಿಟೆಕ್ನಿಕ್ ಹಾಗೂ ಎಂಜಿನಿಯರಿಂಗ್ ಕಾಲೇಜುಗಳಲ್ಲಿ ಕಾರ್ಯನಿರ್ವಹಿಸುತ್ತಿರುವ ಮಹಿಳಾ ಅತಿಥಿ ಉಪನ್ಯಾಸಕರಿಗೆ 90 ದಿನಗಳ ಮಾತೃತ್ವ ರಜೆ ಸೌಲಭ್ಯವನ್ನು ನೀಡಲಾಗುವುದು ಎಂದು ಘೋಷಿಸಿದ್ದಾರೆ. ಇದು ಸಾವಿರಾರು ಮಹಿಳಾ ಅತಿಥಿ ಉಪನ್ಯಾಸಕರಿಗೆ ನೆಮ್ಮದಿ ತಂದಿದೆ. ಇದರ ಜೊತೆಗೆ ವಿದ್ಯಾರ್ಥಿಗಳ ಶೈಕ್ಷಣಿಕ ಗುಣಮಟ್ಟ ಸುಧಾರಣೆಗೆ ವಿವಿಧ ಯೋಜನೆಗಳನ್ನು ಪ್ರಕಟಿಸಲಾಗಿದೆ. 2025–26ನೇ ಸಾಲಿನಲ್ಲಿ ಉನ್ನತ ಶಿಕ್ಷಣಕ್ಕಾಗಿ 37 ಸಾವಿರ ವಿದ್ಯಾರ್ಥಿಗಳಿಗೆ ವಿದ್ಯಾರ್ಥಿ ವೇತನ ನೀಡಲಾಗಿದೆ.

ಬೆಂಗಳೂರು: ಕರ್ನಾಟಕದ 2026–27ನೇ ಸಾಲಿನ ಬಜೆಟ್ ಮಂಡಿಸಿರುವ ಸಿಎಂ ಮುಖ್ಯಮಂತ್ರಿ ಸಿದ್ದರಾಮಯ್ಯ ಅವರು ಶಿಕ್ಷಣ ಕ್ಷೇತ್ರಕ್ಕೆ ಹಲವು ಕೊಡುಗೆಗಳನ್ನು ನೀಡಿದ್ದಾರೆ. ಸರ್ಕಾರಿ ಪ್ರಥಮ ದರ್ಜೆ ಕಾಲೇಜುಗಳು, ಪಾಲಿಟೆಕ್ನಿಕ್ ಹಾಗೂ ಎಂಜಿನಿಯರಿಂಗ್ ಕಾಲೇಜುಗಳಲ್ಲಿ ಕಾರ್ಯನಿರ್ವಹಿಸುತ್ತಿರುವ ಮಹಿಳಾ ಅತಿಥಿ ಉಪನ್ಯಾಸಕರಿಗೆ 90 ದಿನಗಳ ಮಾತೃತ್ವ ರಜೆ ಸೌಲಭ್ಯವನ್ನು ನೀಡಲಾಗುವುದು ಎಂದು ಘೋಷಿಸಿದ್ದಾರೆ. ಇದು ಸಾವಿರಾರು ಮಹಿಳಾ ಅತಿಥಿ ಉಪನ್ಯಾಸಕರಿಗೆ ನೆಮ್ಮದಿ ತಂದಿದೆ. ಇದರ ಜೊತೆಗೆ ವಿದ್ಯಾರ್ಥಿಗಳ ಶೈಕ್ಷಣಿಕ ಗುಣಮಟ್ಟ ಸುಧಾರಣೆಗೆ ವಿವಿಧ ಯೋಜನೆಗಳನ್ನು ಪ್ರಕಟಿಸಲಾಗಿದೆ. 2025–26ನೇ ಸಾಲಿನಲ್ಲಿ ಉನ್ನತ ಶಿಕ್ಷಣಕ್ಕಾಗಿ 37 ಸಾವಿರ ವಿದ್ಯಾರ್ಥಿಗಳಿಗೆ ವಿದ್ಯಾರ್ಥಿ ವೇತನ ನೀಡಲಾಗಿದೆ.

ಬೆಂಗಳೂರು: ಕರ್ನಾಟಕದ 2026–27ನೇ ಸಾಲಿನ ಬಜೆಟ್ ಮಂಡಿಸಿರುವ ಸಿಎಂ ಮುಖ್ಯಮಂತ್ರಿ ಸಿದ್ದರಾಮಯ್ಯ ಅವರು ಶಿಕ್ಷಣ ಕ್ಷೇತ್ರಕ್ಕೆ ಹಲವು ಕೊಡುಗೆಗಳನ್ನು ನೀಡಿದ್ದಾರೆ. ಸರ್ಕಾರಿ ಪ್ರಥಮ ದರ್ಜೆ ಕಾಲೇಜುಗಳು, ಪಾಲಿಟೆಕ್ನಿಕ್ ಹಾಗೂ ಎಂಜಿನಿಯರಿಂಗ್ ಕಾಲೇಜುಗಳಲ್ಲಿ ಕಾರ್ಯನಿರ್ವಹಿಸುತ್ತಿರುವ ಮಹಿಳಾ ಅತಿಥಿ ಉಪನ್ಯಾಸಕರಿಗೆ 90 ದಿನಗಳ ಮಾತೃತ್ವ ರಜೆ ಸೌಲಭ್ಯವನ್ನು ನೀಡಲಾಗುವುದು ಎಂದು ಘೋಷಿಸಿದ್ದಾರೆ. ಇದು ಸಾವಿರಾರು ಮಹಿಳಾ ಅತಿಥಿ ಉಪನ್ಯಾಸಕರಿಗೆ ನೆಮ್ಮದಿ ತಂದಿದೆ. ಇದರ ಜೊತೆಗೆ ವಿದ್ಯಾರ್ಥಿಗಳ ಶೈಕ್ಷಣಿಕ ಗುಣಮಟ್ಟ ಸುಧಾರಣೆಗೆ ವಿವಿಧ ಯೋಜನೆಗಳನ್ನು ಪ್ರಕಟಿಸಲಾಗಿದೆ. 2025–26ನೇ ಸಾಲಿನಲ್ಲಿ ಉನ್ನತ ಶಿಕ್ಷಣಕ್ಕಾಗಿ 37 ಸಾವಿರ ವಿದ್ಯಾರ್ಥಿಗಳಿಗೆ ವಿದ್ಯಾರ್ಥಿ ವೇತನ ನೀಡಲಾಗಿದೆ.

ಆಸ್ತಿ ನೋಂದಣಿಗೆ ಜನರ ಅಲೆದಾಟ ತಪ್ಪಿಸಲು
ಬಜೆಟ್ನಲ್ಲಿ ಮಹತ್ವದ ಘೋಷಣೆ

ಬೆಂಗಳೂರು: ಆಸ್ತಿ ನೋಂದಣಿ ಪ್ರಕ್ರಿಯೆಯನ್ನು ಸುಲಭಗೊಳಿಸಲು ಹಾಗೂ ಸಾರ್ವಜನಿಕರ ಅಲೆದಾಟ ತಪ್ಪಿಸಲು ರಾಜ್ಯ ಸರ್ಕಾರ 2026ರ ಬಜೆಟ್ನಲ್ಲಿ ಮಹತ್ವದ ಘೋಷಣೆಗಳನ್ನು ಮಾಡಿದೆ. ಕಂದಾಯ ಇಲಾಖೆಯಲ್ಲಿ 72 ಕೋಟಿ ರೂ. ವೆಚ್ಚದಲ್ಲಿ ಡಿಜಿಟಲ್ ವ್ಯವಸ್ಥೆ ಜಾರಿಗೊಳಿಸಲಾಗುವುದು. ಉಪನೋಂದಣಿ ಕಚೇರಿಗಳನ್ನು ಆಧುನೀಕರಣಗೊಳಿಸಿ, ಇ–ಸ್ವತ್ತು ಹಾಗೂ ಕಾವೇರಿ ತಂತ್ರಾಂಶದ ಮೂಲಕ ದಾಖಲೆಗಳನ್ನು ಆನ್ಲೈನ್ನಲ್ಲಿ ಪಡೆಯುವ ವ್ಯವಸ್ಥೆ ಕಲ್ಪಿಸಲಾಗುವುದು. ನೋಂದಣಿ ಶುಲ್ಕ ಪಾವತಿಗೆ ಆನ್ಲೈನ್ ಸೌಲಭ್ಯ ಒದಗಿಸಲಾಗುವುದು. ಡಿಜಿಟಲ್ ಇ–ಸ್ಟ್ಯಾಂಪಿಂಗ್ ಮತ್ತು ಪಾರದರ್ಶಕ ಸೇವೆಗಳ ಮೂಲಕ ಭ್ರಷ್ಟಾಚಾರಕ್ಕೆ ಕಡಿವಾಣ ಹಾಕಲಾಗುವುದು ಎಂದು ತಿಳಿಸಲಾಗಿದೆ.

ಬೆಂಗಳೂರು: ಆಸ್ತಿ ನೋಂದಣಿ ಪ್ರಕ್ರಿಯೆಯನ್ನು ಸುಲಭಗೊಳಿಸಲು ಹಾಗೂ ಸಾರ್ವಜನಿಕರ ಅಲೆದಾಟ ತಪ್ಪಿಸಲು ರಾಜ್ಯ ಸರ್ಕಾರ 2026ರ ಬಜೆಟ್ನಲ್ಲಿ ಮಹತ್ವದ ಘೋಷಣೆಗಳನ್ನು ಮಾಡಿದೆ. ಕಂದಾಯ ಇಲಾಖೆಯಲ್ಲಿ 72 ಕೋಟಿ ರೂ. ವೆಚ್ಚದಲ್ಲಿ ಡಿಜಿಟಲ್ ವ್ಯವಸ್ಥೆ ಜಾರಿಗೊಳಿಸಲಾಗುವುದು. ಉಪನೋಂದಣಿ ಕಚೇರಿಗಳನ್ನು ಆಧುನೀಕರಣಗೊಳಿಸಿ, ಇ–ಸ್ವತ್ತು ಹಾಗೂ ಕಾವೇರಿ ತಂತ್ರಾಂಶದ ಮೂಲಕ ದಾಖಲೆಗಳನ್ನು ಆನ್ಲೈನ್ನಲ್ಲಿ ಪಡೆಯುವ ವ್ಯವಸ್ಥೆ ಕಲ್ಪಿಸಲಾಗುವುದು. ನೋಂದಣಿ ಶುಲ್ಕ ಪಾವತಿಗೆ ಆನ್ಲೈನ್ ಸೌಲಭ್ಯ ಒದಗಿಸಲಾಗುವುದು. ಡಿಜಿಟಲ್ ಇ–ಸ್ಟ್ಯಾಂಪಿಂಗ್ ಮತ್ತು ಪಾರದರ್ಶಕ ಸೇವೆಗಳ ಮೂಲಕ ಭ್ರಷ್ಟಾಚಾರಕ್ಕೆ ಕಡಿವಾಣ ಹಾಕಲಾಗುವುದು ಎಂದು ತಿಳಿಸಲಾಗಿದೆ.

ಬೆಂಗಳೂರು: ಆಸ್ತಿ ನೋಂದಣಿ ಪ್ರಕ್ರಿಯೆಯನ್ನು ಸುಲಭಗೊಳಿಸಲು ಹಾಗೂ ಸಾರ್ವಜನಿಕರ ಅಲೆದಾಟ ತಪ್ಪಿಸಲು ರಾಜ್ಯ ಸರ್ಕಾರ 2026ರ ಬಜೆಟ್ನಲ್ಲಿ ಮಹತ್ವದ ಘೋಷಣೆಗಳನ್ನು ಮಾಡಿದೆ. ಕಂದಾಯ ಇಲಾಖೆಯಲ್ಲಿ 72 ಕೋಟಿ ರೂ. ವೆಚ್ಚದಲ್ಲಿ ಡಿಜಿಟಲ್ ವ್ಯವಸ್ಥೆ ಜಾರಿಗೊಳಿಸಲಾಗುವುದು. ಉಪನೋಂದಣಿ ಕಚೇರಿಗಳನ್ನು ಆಧುನೀಕರಣಗೊಳಿಸಿ, ಇ–ಸ್ವತ್ತು ಹಾಗೂ ಕಾವೇರಿ ತಂತ್ರಾಂಶದ ಮೂಲಕ ದಾಖಲೆಗಳನ್ನು ಆನ್ಲೈನ್ನಲ್ಲಿ ಪಡೆಯುವ ವ್ಯವಸ್ಥೆ ಕಲ್ಪಿಸಲಾಗುವುದು. ನೋಂದಣಿ ಶುಲ್ಕ ಪಾವತಿಗೆ ಆನ್ಲೈನ್ ಸೌಲಭ್ಯ ಒದಗಿಸಲಾಗುವುದು. ಡಿಜಿಟಲ್ ಇ–ಸ್ಟ್ಯಾಂಪಿಂಗ್ ಮತ್ತು ಪಾರದರ್ಶಕ ಸೇವೆಗಳ ಮೂಲಕ ಭ್ರಷ್ಟಾಚಾರಕ್ಕೆ ಕಡಿವಾಣ ಹಾಕಲಾಗುವುದು ಎಂದು ತಿಳಿಸಲಾಗಿದೆ.

ರಾಜ್ಯದಲ್ಲಿ 12 ಹೊಸ
ಪೊಲೀಸ್ ಠಾಣೆಗಳ ಸ್ಥಾಪನೆ

ಬೆಂಗಳೂರು: ರಾಜ್ಯದ ಮುಖ್ಯಮಂತ್ರಿ ಅವರು ದಾಖಲೆಯ 17ನೇ ಬಜೆಟ್ ಅನ್ನು ಮಂಡಿಸಿದ್ದು, ಪೊಲೀಸ್ ಇಲಾಖೆಗೆ ಹಲವು ಕೊಡುಗೆಗಳನ್ನು ನೀಡಿದ್ದಾರೆ. ರಾಜ್ಯದಲ್ಲಿ ಹೊಸದಾಗಿ 12 ಪೊಲೀಸ್ ಠಾಣೆಗಳನ್ನು ಸ್ಥಾಪಿಸಲಾಗುವುದು. ಕಾನೂನು ಮತ್ತು ಸುವ್ಯವಸ್ಥೆ ಕಾಪಾಡಲು ಪೊಲೀಸ್ ಸಿಬ್ಬಂದಿ ನೇಮಕಾತಿಗೆ ಆದ್ಯತೆ ನೀಡಲಾಗುವುದು. ಪೊಲೀಸ್ ವಸತಿ ಗೃಹಗಳ ನಿರ್ಮಾಣಕ್ಕೆ 150 ಕೋಟಿ ರೂ. ಅನುದಾನ ನೀಡಲಾಗಿದೆ. ಸೈಬರ್ ಅಪರಾಧ ತಡೆಗೆ ವಿಶೇಷ ಘಟಕಗಳನ್ನು ಸ್ಥಾಪಿಸಲಾಗುವುದು. ಸಂಚಾರಿ ಪೊಲೀಸ್ ವ್ಯವಸ್ಥೆಯನ್ನು ಬಲಪಡಿಸಲು 1,000 ಸಿಬ್ಬಂದಿ ನೇಮಕ ಮಾಡಲಾಗುವುದು. ಮಹಿಳೆಯರ ಸುರಕ್ಷತೆಗಾಗಿ ಅಕ್ಕ ಪಡೆ ವಿಸ್ತರಣೆ ಮಾಡಲಾಗುವುದು.

ಬೆಂಗಳೂರು: ರಾಜ್ಯದ ಮುಖ್ಯಮಂತ್ರಿ ಅವರು ದಾಖಲೆಯ 17ನೇ ಬಜೆಟ್ ಅನ್ನು ಮಂಡಿಸಿದ್ದು, ಪೊಲೀಸ್ ಇಲಾಖೆಗೆ ಹಲವು ಕೊಡುಗೆಗಳನ್ನು ನೀಡಿದ್ದಾರೆ. ರಾಜ್ಯದಲ್ಲಿ ಹೊಸದಾಗಿ 12 ಪೊಲೀಸ್ ಠಾಣೆಗಳನ್ನು ಸ್ಥಾಪಿಸಲಾಗುವುದು. ಕಾನೂನು ಮತ್ತು ಸುವ್ಯವಸ್ಥೆ ಕಾಪಾಡಲು ಪೊಲೀಸ್ ಸಿಬ್ಬಂದಿ ನೇಮಕಾತಿಗೆ ಆದ್ಯತೆ ನೀಡಲಾಗುವುದು. ಪೊಲೀಸ್ ವಸತಿ ಗೃಹಗಳ ನಿರ್ಮಾಣಕ್ಕೆ 150 ಕೋಟಿ ರೂ. ಅನುದಾನ ನೀಡಲಾಗಿದೆ. ಸೈಬರ್ ಅಪರಾಧ ತಡೆಗೆ ವಿಶೇಷ ಘಟಕಗಳನ್ನು ಸ್ಥಾಪಿಸಲಾಗುವುದು. ಸಂಚಾರಿ ಪೊಲೀಸ್ ವ್ಯವಸ್ಥೆಯನ್ನು ಬಲಪಡಿಸಲು 1,000 ಸಿಬ್ಬಂದಿ ನೇಮಕ ಮಾಡಲಾಗುವುದು. ಮಹಿಳೆಯರ ಸುರಕ್ಷತೆಗಾಗಿ ಅಕ್ಕ ಪಡೆ ವಿಸ್ತರಣೆ ಮಾಡಲಾಗುವುದು.

ಬೆಂಗಳೂರು: ರಾಜ್ಯದ ಮುಖ್ಯಮಂತ್ರಿ ಅವರು ದಾಖಲೆಯ 17ನೇ ಬಜೆಟ್ ಅನ್ನು ಮಂಡಿಸಿದ್ದು, ಪೊಲೀಸ್ ಇಲಾಖೆಗೆ ಹಲವು ಕೊಡುಗೆಗಳನ್ನು ನೀಡಿದ್ದಾರೆ. ರಾಜ್ಯದಲ್ಲಿ ಹೊಸದಾಗಿ 12 ಪೊಲೀಸ್ ಠಾಣೆಗಳನ್ನು ಸ್ಥಾಪಿಸಲಾಗುವುದು. ಕಾನೂನು ಮತ್ತು ಸುವ್ಯವಸ್ಥೆ ಕಾಪಾಡಲು ಪೊಲೀಸ್ ಸಿಬ್ಬಂದಿ ನೇಮಕಾತಿಗೆ ಆದ್ಯತೆ ನೀಡಲಾಗುವುದು. ಪೊಲೀಸ್ ವಸತಿ ಗೃಹಗಳ ನಿರ್ಮಾಣಕ್ಕೆ 150 ಕೋಟಿ ರೂ. ಅನುದಾನ ನೀಡಲಾಗಿದೆ. ಸೈಬರ್ ಅಪರಾಧ ತಡೆಗೆ ವಿಶೇಷ ಘಟಕಗಳನ್ನು ಸ್ಥಾಪಿಸಲಾಗುವುದು. ಸಂಚಾರಿ ಪೊಲೀಸ್ ವ್ಯವಸ್ಥೆಯನ್ನು ಬಲಪಡಿಸಲು 1,000 ಸಿಬ್ಬಂದಿ ನೇಮಕ ಮಾಡಲಾಗುವುದು. ಮಹಿಳೆಯರ ಸುರಕ್ಷತೆಗಾಗಿ ಅಕ್ಕ ಪಡೆ ವಿಸ್ತರಣೆ ಮಾಡಲಾಗುವುದು.

ದಾವಣಗೆರೆ ದಕ್ಷಿಣ ವಿಧಾನಸಭಾ
ಕ್ಷೇತ್ರಕ್ಕೆ ಬಂಪರ್ 100 ಕೋಟಿ

ದಾವಣಗೆರೆ: ದಾವಣಗೆರೆ ದಕ್ಷಿಣ ವಿಧಾನಸಭಾ ಕ್ಷೇತ್ರದ ಉಪಚುನಾವಣೆ ಹಿನ್ನೆಲೆಯಲ್ಲಿ ರಾಜ್ಯ ಬಜೆಟ್ನಲ್ಲಿ ಬಂಪರ್ ಅನುದಾನ ನೀಡಲಾಗಿದೆ. ಕ್ಷೇತ್ರದ ಅಭಿವೃದ್ಧಿಗಾಗಿ 100 ಕೋಟಿ ರೂ. ಅನುದಾನ ಘೋಷಿಸಲಾಗಿದೆ. ಕ್ಷೇತ್ರದಲ್ಲಿ ರಸ್ತೆ, ಕುಡಿಯುವ ನೀರು ಹಾಗೂ ಮೂಲಸೌಕರ್ಯ ಅಭಿವೃದ್ಧಿಗೆ ಈ ಅನುದಾನ ಬಳಕೆಯಾಗಲಿದೆ ಎಂದು ತಿಳಿಸಲಾಗಿದೆ.

ದಾವಣಗೆರೆ: ದಾವಣಗೆರೆ ದಕ್ಷಿಣ ವಿಧಾನಸಭಾ ಕ್ಷೇತ್ರದ ಉಪಚುನಾವಣೆ ಹಿನ್ನೆಲೆಯಲ್ಲಿ ರಾಜ್ಯ ಬಜೆಟ್ನಲ್ಲಿ ಬಂಪರ್ ಅನುದಾನ ನೀಡಲಾಗಿದೆ. ಕ್ಷೇತ್ರದ ಅಭಿವೃದ್ಧಿಗಾಗಿ 100 ಕೋಟಿ ರೂ. ಅನುದಾನ ಘೋಷಿಸಲಾಗಿದೆ. ಕ್ಷೇತ್ರದಲ್ಲಿ ರಸ್ತೆ, ಕುಡಿಯುವ ನೀರು ಹಾಗೂ ಮೂಲಸೌಕರ್ಯ ಅಭಿವೃದ್ಧಿಗೆ ಈ ಅನುದಾನ ಬಳಕೆಯಾಗಲಿದೆ ಎಂದು ತಿಳಿಸಲಾಗಿದೆ.

ಕರ್ನಾಟಕ
ಆಯವ್ಯಯ
2026-27
KARNATAKA
ಶೇ.90ರಷ್ಟು ಸಬ್ಸಿಡಿ, ತಕ್ಷಣವೇ ಕೈಗೆ ಹಣ!

ಬೆಂಗಳೂರು: ಕೃಷಿ ಕ್ಷೇತ್ರದ ಅಭಿವೃದ್ಧಿಗೆ ಬಜೆಟ್ನಲ್ಲಿ ಹಲವು ಯೋಜನೆಗಳನ್ನು ಘೋಷಿಸಲಾಗಿದೆ. ರೈತರಿಗೆ ಕೃಷಿ ಯಂತ್ರೋಪಕರಣಗಳ ಖರೀದಿಗೆ ಶೇ.90ರಷ್ಟು ಸಬ್ಸಿಡಿ ನೀಡಲಾಗುವುದು. ಸಬ್ಸಿಡಿ ಮೊತ್ತ ತಕ್ಷಣವೇ ರೈತರ ಖಾತೆಗೆ ಜಮೆಯಾಗಲಿದೆ. ಹನಿ ನೀರಾವರಿ ಹಾಗೂ ತುಂತುರು ನೀರಾವರಿ ಘಟಕಗಳ ಅಳವಡಿಕೆಗೆ ಸಹಾಯಧನ ನೀಡಲಾಗುವುದು. ರೈತ ಉತ್ಪಾದಕ ಸಂಸ್ಥೆಗಳಿಗೆ ಆರ್ಥಿಕ ನೆರವು ಒದಗಿಸಲಾಗುವುದು. ಸಾವಯವ ಕೃಷಿ ಉತ್ತೇಜನಕ್ಕಾಗಿ ವಿಶೇಷ ಯೋಜನೆ ರೂಪಿಸಲಾಗಿದೆ. ಉತ್ತರ ಕರ್ನಾಟಕದ ರೈತರಿಗೆ ಕೃಷಿ ಹೊಂಡ ನಿರ್ಮಾಣಕ್ಕೆ ನೆರವು ನೀಡಲಾಗುವುದು. ಕೃಷಿ ಪ್ರಧಾನ ಜಿಲ್ಲೆಗಳಲ್ಲಿ ಶೀತಲ ಗೃಹಗಳ ನಿರ್ಮಾಣಕ್ಕೆ 531 ಕೋಟಿ ರೂ. ಅನುದಾನ ನೀಡಲಾಗುವುದು.

ಬೆಂಗಳೂರು: ಕೃಷಿ ಕ್ಷೇತ್ರದ ಅಭಿವೃದ್ಧಿಗೆ ಬಜೆಟ್ನಲ್ಲಿ ಹಲವು ಯೋಜನೆಗಳನ್ನು ಘೋಷಿಸಲಾಗಿದೆ. ರೈತರಿಗೆ ಕೃಷಿ ಯಂತ್ರೋಪಕರಣಗಳ ಖರೀದಿಗೆ ಶೇ.90ರಷ್ಟು ಸಬ್ಸಿಡಿ ನೀಡಲಾಗುವುದು. ಸಬ್ಸಿಡಿ ಮೊತ್ತ ತಕ್ಷಣವೇ ರೈತರ ಖಾತೆಗೆ ಜಮೆಯಾಗಲಿದೆ. ಹನಿ ನೀರಾವರಿ ಹಾಗೂ ತುಂತುರು ನೀರಾವರಿ ಘಟಕಗಳ ಅಳವಡಿಕೆಗೆ ಸಹಾಯಧನ ನೀಡಲಾಗುವುದು. ರೈತ ಉತ್ಪಾದಕ ಸಂಸ್ಥೆಗಳಿಗೆ ಆರ್ಥಿಕ ನೆರವು ಒದಗಿಸಲಾಗುವುದು. ಸಾವಯವ ಕೃಷಿ ಉತ್ತೇಜನಕ್ಕಾಗಿ ವಿಶೇಷ ಯೋಜನೆ ರೂಪಿಸಲಾಗಿದೆ. ಉತ್ತರ ಕರ್ನಾಟಕದ ರೈತರಿಗೆ ಕೃಷಿ ಹೊಂಡ ನಿರ್ಮಾಣಕ್ಕೆ ನೆರವು ನೀಡಲಾಗುವುದು. ಕೃಷಿ ಪ್ರಧಾನ ಜಿಲ್ಲೆಗಳಲ್ಲಿ ಶೀತಲ ಗೃಹಗಳ ನಿರ್ಮಾಣಕ್ಕೆ 531 ಕೋಟಿ ರೂ. ಅನುದಾನ ನೀಡಲಾಗುವುದು.

ಬೆಂಗಳೂರು: ಕೃಷಿ ಕ್ಷೇತ್ರದ ಅಭಿವೃದ್ಧಿಗೆ ಬಜೆಟ್ನಲ್ಲಿ ಹಲವು ಯೋಜನೆಗಳನ್ನು ಘೋಷಿಸಲಾಗಿದೆ. ರೈತರಿಗೆ ಕೃಷಿ ಯಂತ್ರೋಪಕರಣಗಳ ಖರೀದಿಗೆ ಶೇ.90ರಷ್ಟು ಸಬ್ಸಿಡಿ ನೀಡಲಾಗುವುದು. ಸಬ್ಸಿಡಿ ಮೊತ್ತ ತಕ್ಷಣವೇ ರೈತರ ಖಾತೆಗೆ ಜಮೆಯಾಗಲಿದೆ. ಹನಿ ನೀರಾವರಿ ಹಾಗೂ ತುಂತುರು ನೀರಾವರಿ ಘಟಕಗಳ ಅಳವಡಿಕೆಗೆ ಸಹಾಯಧನ ನೀಡಲಾಗುವುದು. ರೈತ ಉತ್ಪಾದಕ ಸಂಸ್ಥೆಗಳಿಗೆ ಆರ್ಥಿಕ ನೆರವು ಒದಗಿಸಲಾಗುವುದು. ಸಾವಯವ ಕೃಷಿ ಉತ್ತೇಜನಕ್ಕಾಗಿ ವಿಶೇಷ ಯೋಜನೆ ರೂಪಿಸಲಾಗಿದೆ. ಉತ್ತರ ಕರ್ನಾಟಕದ ರೈತರಿಗೆ ಕೃಷಿ ಹೊಂಡ ನಿರ್ಮಾಣಕ್ಕೆ ನೆರವು ನೀಡಲಾಗುವುದು. ಕೃಷಿ ಪ್ರಧಾನ ಜಿಲ್ಲೆಗಳಲ್ಲಿ ಶೀತಲ ಗೃಹಗಳ ನಿರ್ಮಾಣಕ್ಕೆ 531 ಕೋಟಿ ರೂ. ಅನುದಾನ ನೀಡಲಾಗುವುದು.

ಬೆಂಗಳೂರು: ಕೃಷಿ ಕ್ಷೇತ್ರದ ಅಭಿವೃದ್ಧಿಗೆ ಬಜೆಟ್ನಲ್ಲಿ ಹಲವು ಯೋಜನೆಗಳನ್ನು ಘೋಷಿಸಲಾಗಿದೆ. ರೈತರಿಗೆ ಕೃಷಿ ಯಂತ್ರೋಪಕರಣಗಳ ಖರೀದಿಗೆ ಶೇ.90ರಷ್ಟು ಸಬ್ಸಿಡಿ ನೀಡಲಾಗುವುದು. ಸಬ್ಸಿಡಿ ಮೊತ್ತ ತಕ್ಷಣವೇ ರೈತರ ಖಾತೆಗೆ ಜಮೆಯಾಗಲಿದೆ. ಹನಿ ನೀರಾವರಿ ಹಾಗೂ ತುಂತುರು ನೀರಾವರಿ ಘಟಕಗಳ ಅಳವಡಿಕೆಗೆ ಸಹಾಯಧನ ನೀಡಲಾಗುವುದು. ರೈತ ಉತ್ಪಾದಕ ಸಂಸ್ಥೆಗಳಿಗೆ ಆರ್ಥಿಕ ನೆರವು ಒದಗಿಸಲಾಗುವುದು. ಸಾವಯವ ಕೃಷಿ ಉತ್ತೇಜನಕ್ಕಾಗಿ ವಿಶೇಷ ಯೋಜನೆ ರೂಪಿಸಲಾಗಿದೆ. ಉತ್ತರ ಕರ್ನಾಟಕದ ರೈತರಿಗೆ ಕೃಷಿ ಹೊಂಡ ನಿರ್ಮಾಣಕ್ಕೆ ನೆರವು ನೀಡಲಾಗುವುದು. ಕೃಷಿ ಪ್ರಧಾನ ಜಿಲ್ಲೆಗಳಲ್ಲಿ ಶೀತಲ ಗೃಹಗಳ ನಿರ್ಮಾಣಕ್ಕೆ 531 ಕೋಟಿ ರೂ. ಅನುದಾನ ನೀಡಲಾಗುವುದು.

ಬೆಂಗಳೂರು: ಕೃಷಿ ಕ್ಷೇತ್ರದ ಅಭಿವೃದ್ಧಿಗೆ ಬಜೆಟ್ನಲ್ಲಿ ಹಲವು ಯೋಜನೆಗಳನ್ನು ಘೋಷಿಸಲಾಗಿದೆ. ರೈತರಿಗೆ ಕೃಷಿ ಯಂತ್ರೋಪಕರಣಗಳ ಖರೀದಿಗೆ ಶೇ.90ರಷ್ಟು ಸಬ್ಸಿಡಿ ನೀಡಲಾಗುವುದು. ಸಬ್ಸಿಡಿ ಮೊತ್ತ ತಕ್ಷಣವೇ ರೈತರ ಖಾತೆಗೆ ಜಮೆಯಾಗಲಿದೆ. ಹನಿ ನೀರಾವರಿ ಹಾಗೂ ತುಂತುರು ನೀರಾವರಿ ಘಟಕಗಳ ಅಳವಡಿಕೆಗೆ ಸಹಾಯಧನ ನೀಡಲಾಗುವುದು. ರೈತ ಉತ್ಪಾದಕ ಸಂಸ್ಥೆಗಳಿಗೆ ಆರ್ಥಿಕ ನೆರವು ಒದಗಿಸಲಾಗುವುದು. ಸಾವಯವ ಕೃಷಿ ಉತ್ತೇಜನಕ್ಕಾಗಿ ವಿಶೇಷ ಯೋಜನೆ ರೂಪಿಸಲಾಗಿದೆ. ಉತ್ತರ ಕರ್ನಾಟಕದ ರೈತರಿಗೆ ಕೃಷಿ ಹೊಂಡ ನಿರ್ಮಾಣಕ್ಕೆ ನೆರವು ನೀಡಲಾಗುವುದು. ಕೃಷಿ ಪ್ರಧಾನ ಜಿಲ್ಲೆಗಳಲ್ಲಿ ಶೀತಲ ಗೃಹಗಳ ನಿರ್ಮಾಣಕ್ಕೆ 531 ಕೋಟಿ ರೂ. ಅನುದಾನ ನೀಡಲಾಗುವುದು.
